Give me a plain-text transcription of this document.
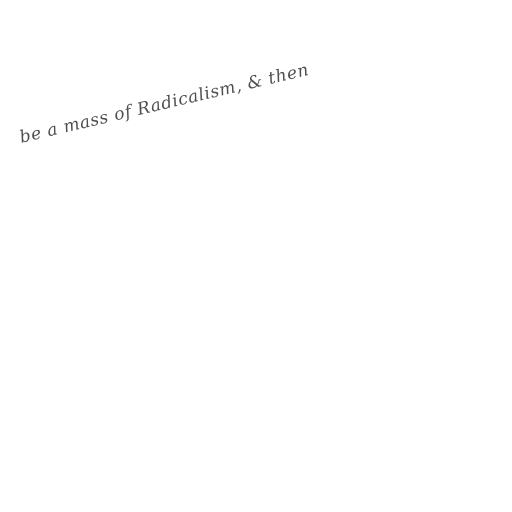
be a mass of Radicalism, & then
